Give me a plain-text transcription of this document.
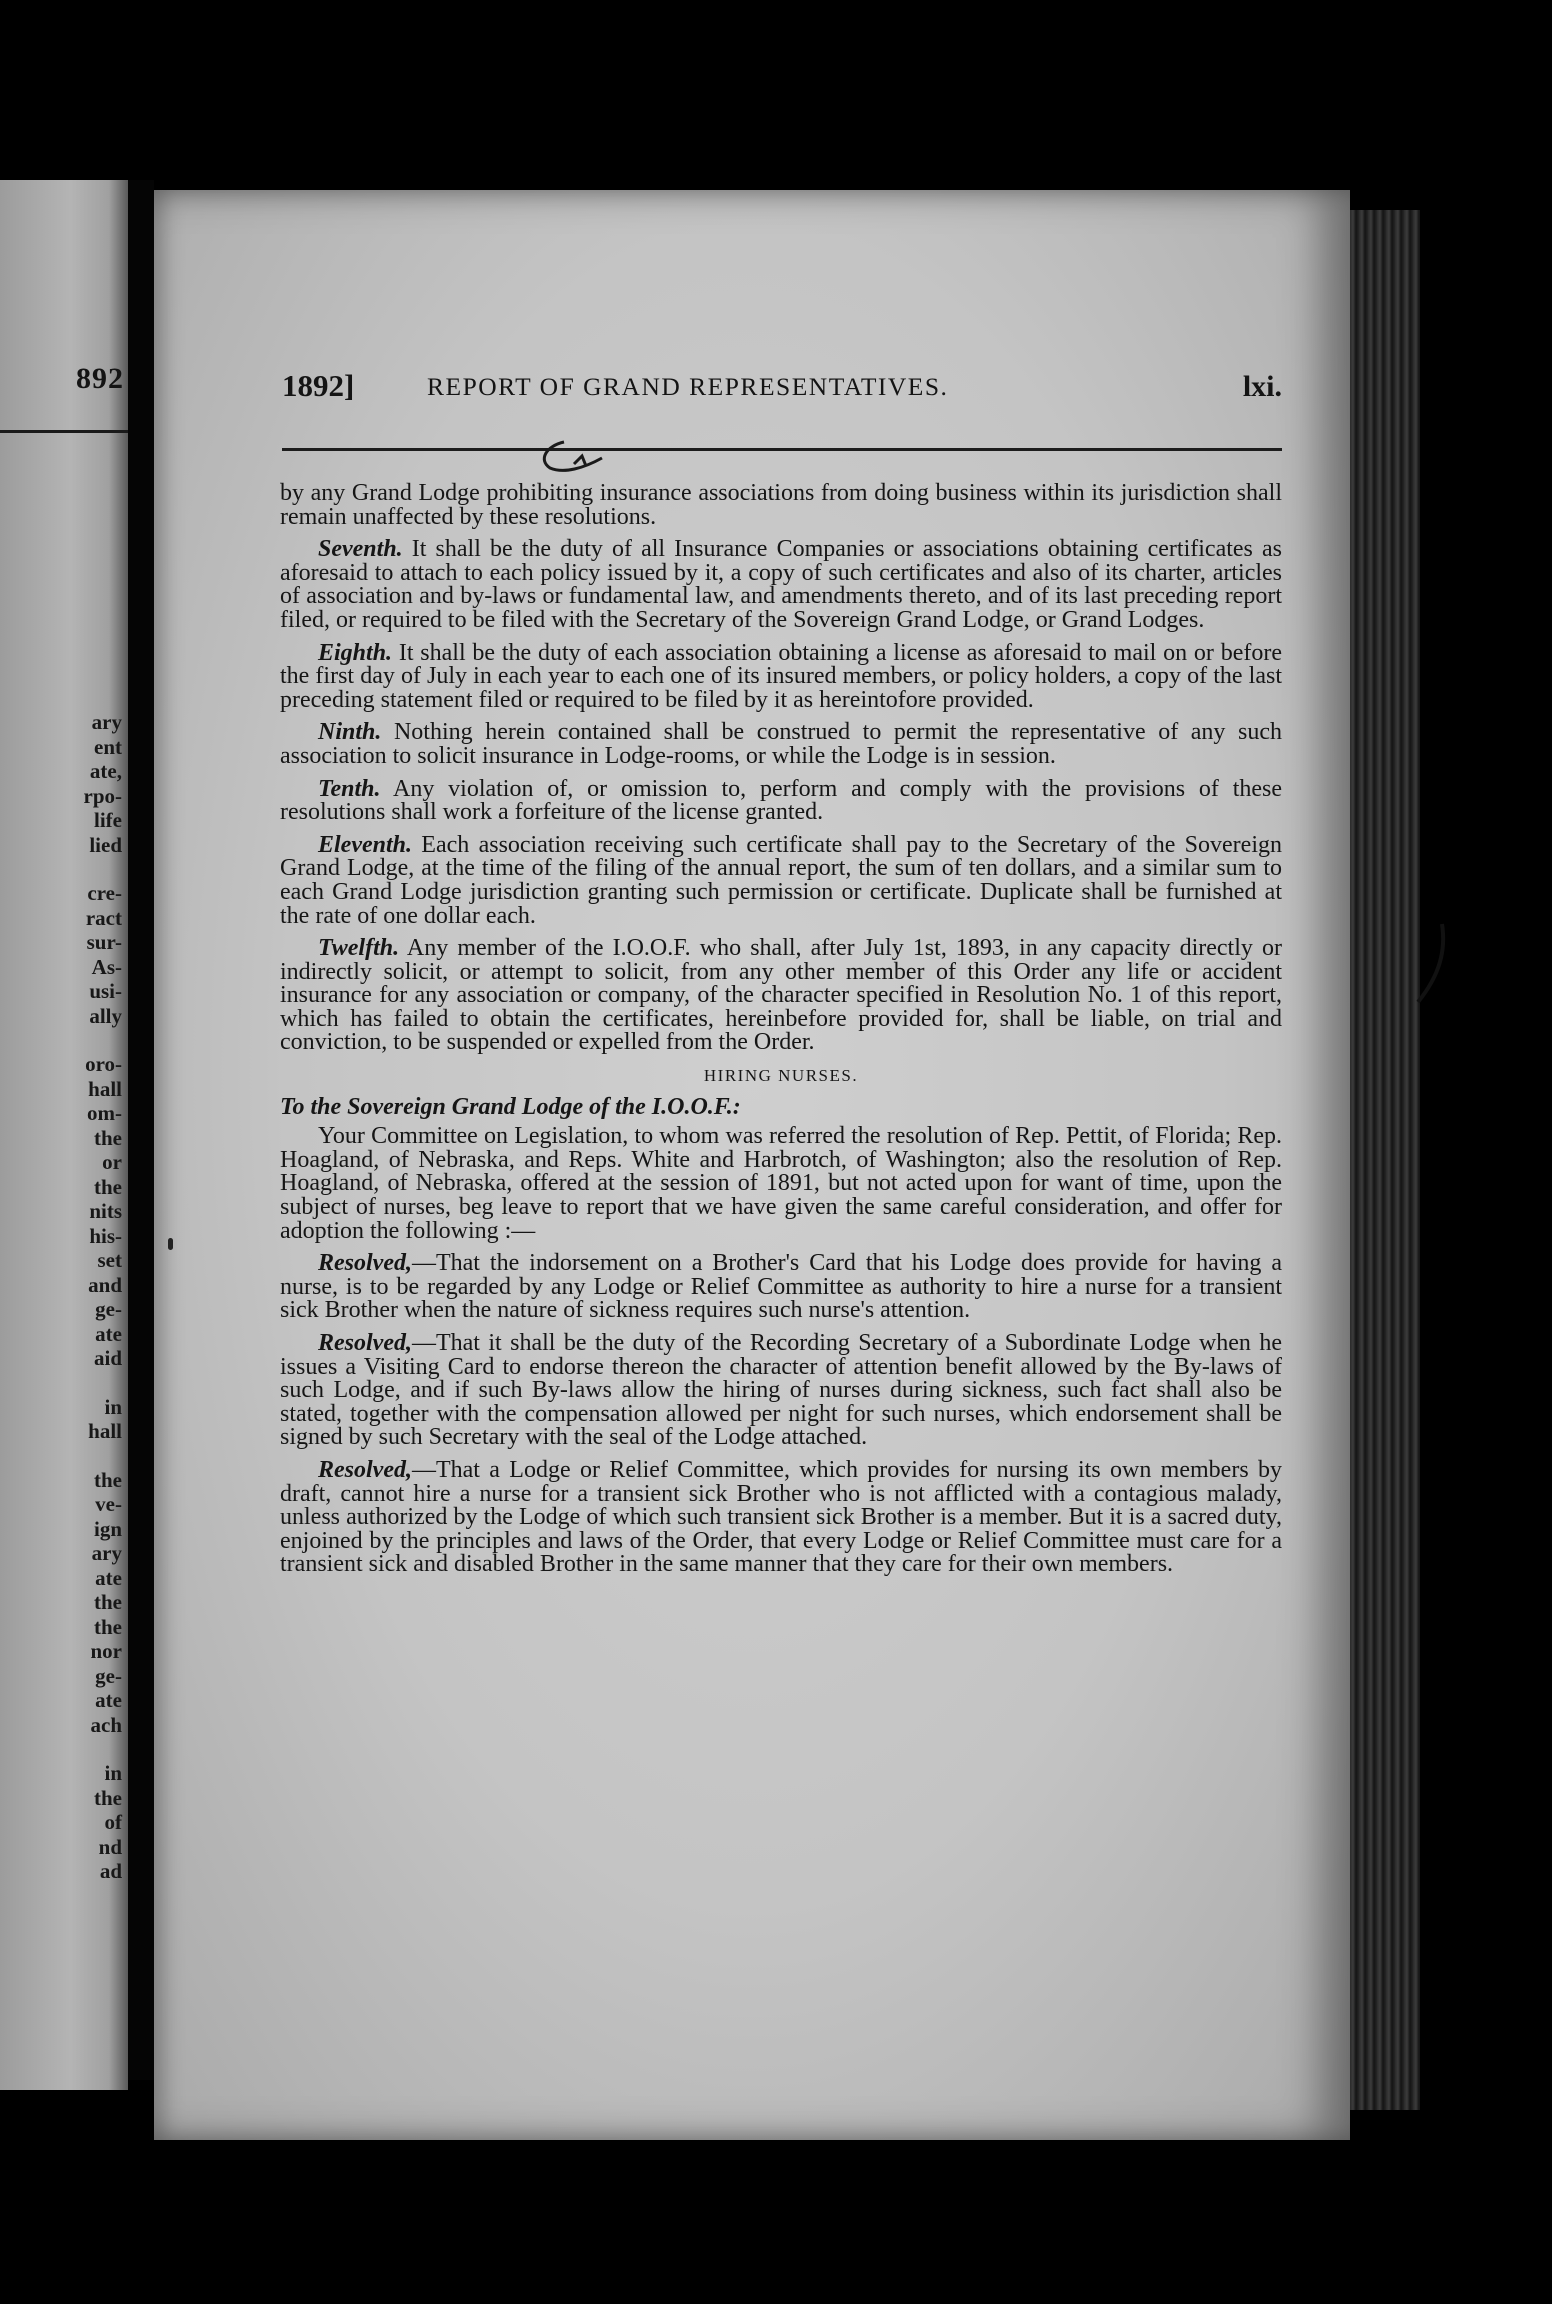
892
ary
ent
ate,
rpo-
life
lied
cre-
ract
sur-
As-
usi-
ally
oro-
hall
om-
the
or
the
nits
his-
set
and
ge-
ate
aid
in
hall
the
ve-
ign
ary
ate
the
the
nor
ge-
ate
ach
in
the
of
nd
ad
1892]	REPORT OF GRAND REPRESENTATIVES.	lxi.

by any Grand Lodge prohibiting insurance associations from doing business within its jurisdiction shall remain unaffected by these resolutions.

Seventh. It shall be the duty of all Insurance Companies or associations obtaining certificates as aforesaid to attach to each policy issued by it, a copy of such certificates and also of its charter, articles of association and by-laws or fundamental law, and amendments thereto, and of its last preceding report filed, or required to be filed with the Secretary of the Sovereign Grand Lodge, or Grand Lodges.

Eighth. It shall be the duty of each association obtaining a license as aforesaid to mail on or before the first day of July in each year to each one of its insured members, or policy holders, a copy of the last preceding statement filed or required to be filed by it as hereintofore provided.

Ninth. Nothing herein contained shall be construed to permit the representative of any such association to solicit insurance in Lodge-rooms, or while the Lodge is in session.

Tenth. Any violation of, or omission to, perform and comply with the provisions of these resolutions shall work a forfeiture of the license granted.

Eleventh. Each association receiving such certificate shall pay to the Secretary of the Sovereign Grand Lodge, at the time of the filing of the annual report, the sum of ten dollars, and a similar sum to each Grand Lodge jurisdiction granting such permission or certificate. Duplicate shall be furnished at the rate of one dollar each.

Twelfth. Any member of the I.O.O.F. who shall, after July 1st, 1893, in any capacity directly or indirectly solicit, or attempt to solicit, from any other member of this Order any life or accident insurance for any association or company, of the character specified in Resolution No. 1 of this report, which has failed to obtain the certificates, hereinbefore provided for, shall be liable, on trial and conviction, to be suspended or expelled from the Order.

HIRING NURSES.

To the Sovereign Grand Lodge of the I.O.O.F.:

Your Committee on Legislation, to whom was referred the resolution of Rep. Pettit, of Florida; Rep. Hoagland, of Nebraska, and Reps. White and Harbrotch, of Washington; also the resolution of Rep. Hoagland, of Nebraska, offered at the session of 1891, but not acted upon for want of time, upon the subject of nurses, beg leave to report that we have given the same careful consideration, and offer for adoption the following :—

Resolved,—That the indorsement on a Brother's Card that his Lodge does provide for having a nurse, is to be regarded by any Lodge or Relief Committee as authority to hire a nurse for a transient sick Brother when the nature of sickness requires such nurse's attention.

Resolved,—That it shall be the duty of the Recording Secretary of a Subordinate Lodge when he issues a Visiting Card to endorse thereon the character of attention benefit allowed by the By-laws of such Lodge, and if such By-laws allow the hiring of nurses during sickness, such fact shall also be stated, together with the compensation allowed per night for such nurses, which endorsement shall be signed by such Secretary with the seal of the Lodge attached.

Resolved,—That a Lodge or Relief Committee, which provides for nursing its own members by draft, cannot hire a nurse for a transient sick Brother who is not afflicted with a contagious malady, unless authorized by the Lodge of which such transient sick Brother is a member. But it is a sacred duty, enjoined by the principles and laws of the Order, that every Lodge or Relief Committee must care for a transient sick and disabled Brother in the same manner that they care for their own members.
